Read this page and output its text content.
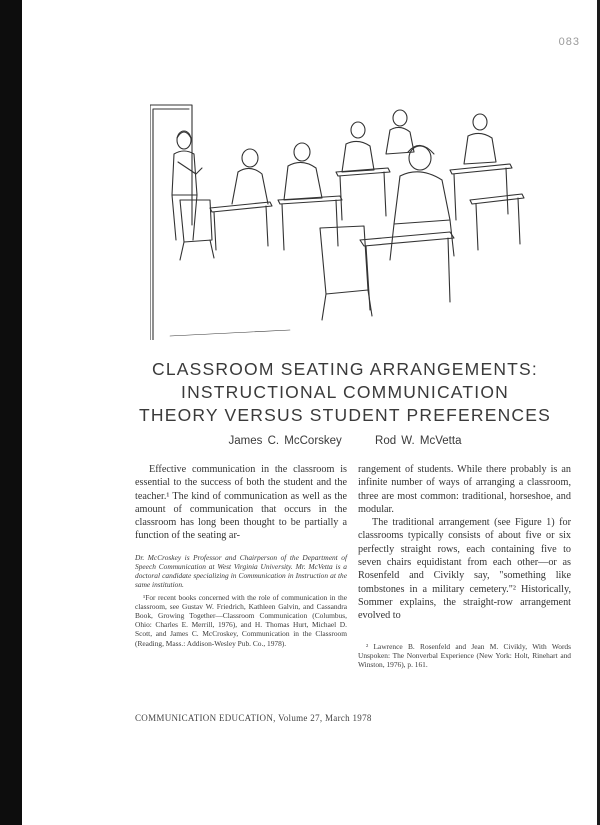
083
CLASSROOM SEATING ARRANGEMENTS:
INSTRUCTIONAL COMMUNICATION
THEORY VERSUS STUDENT PREFERENCES
James C. McCorskey	Rod W. McVetta

Effective communication in the classroom is essential to the success of both the student and the teacher.¹ The kind of communication as well as the amount of communication that occurs in the classroom has long been thought to be partially a function of the seating ar-

Dr. McCroskey is Professor and Chairperson of the Department of Speech Communication at West Virginia University. Mr. McVetta is a doctoral candidate specializing in Communication in Instruction at the same institution.

¹For recent books concerned with the role of communication in the classroom, see Gustav W. Friedrich, Kathleen Galvin, and Cassandra Book, Growing Together—Classroom Communication (Columbus, Ohio: Charles E. Merrill, 1976), and H. Thomas Hurt, Michael D. Scott, and James C. McCroskey, Communication in the Classroom (Reading, Mass.: Addison-Wesley Pub. Co., 1978).

rangement of students. While there probably is an infinite number of ways of arranging a classroom, three are most common: traditional, horseshoe, and modular.

The traditional arrangement (see Figure 1) for classrooms typically consists of about five or six perfectly straight rows, each containing five to seven chairs equidistant from each other—or as Rosenfeld and Civikly say, "something like tombstones in a military cemetery."² Historically, Sommer explains, the straight-row arrangement evolved to

² Lawrence B. Rosenfeld and Jean M. Civikly, With Words Unspoken: The Nonverbal Experience (New York: Holt, Rinehart and Winston, 1976), p. 161.

COMMUNICATION EDUCATION, Volume 27, March 1978
